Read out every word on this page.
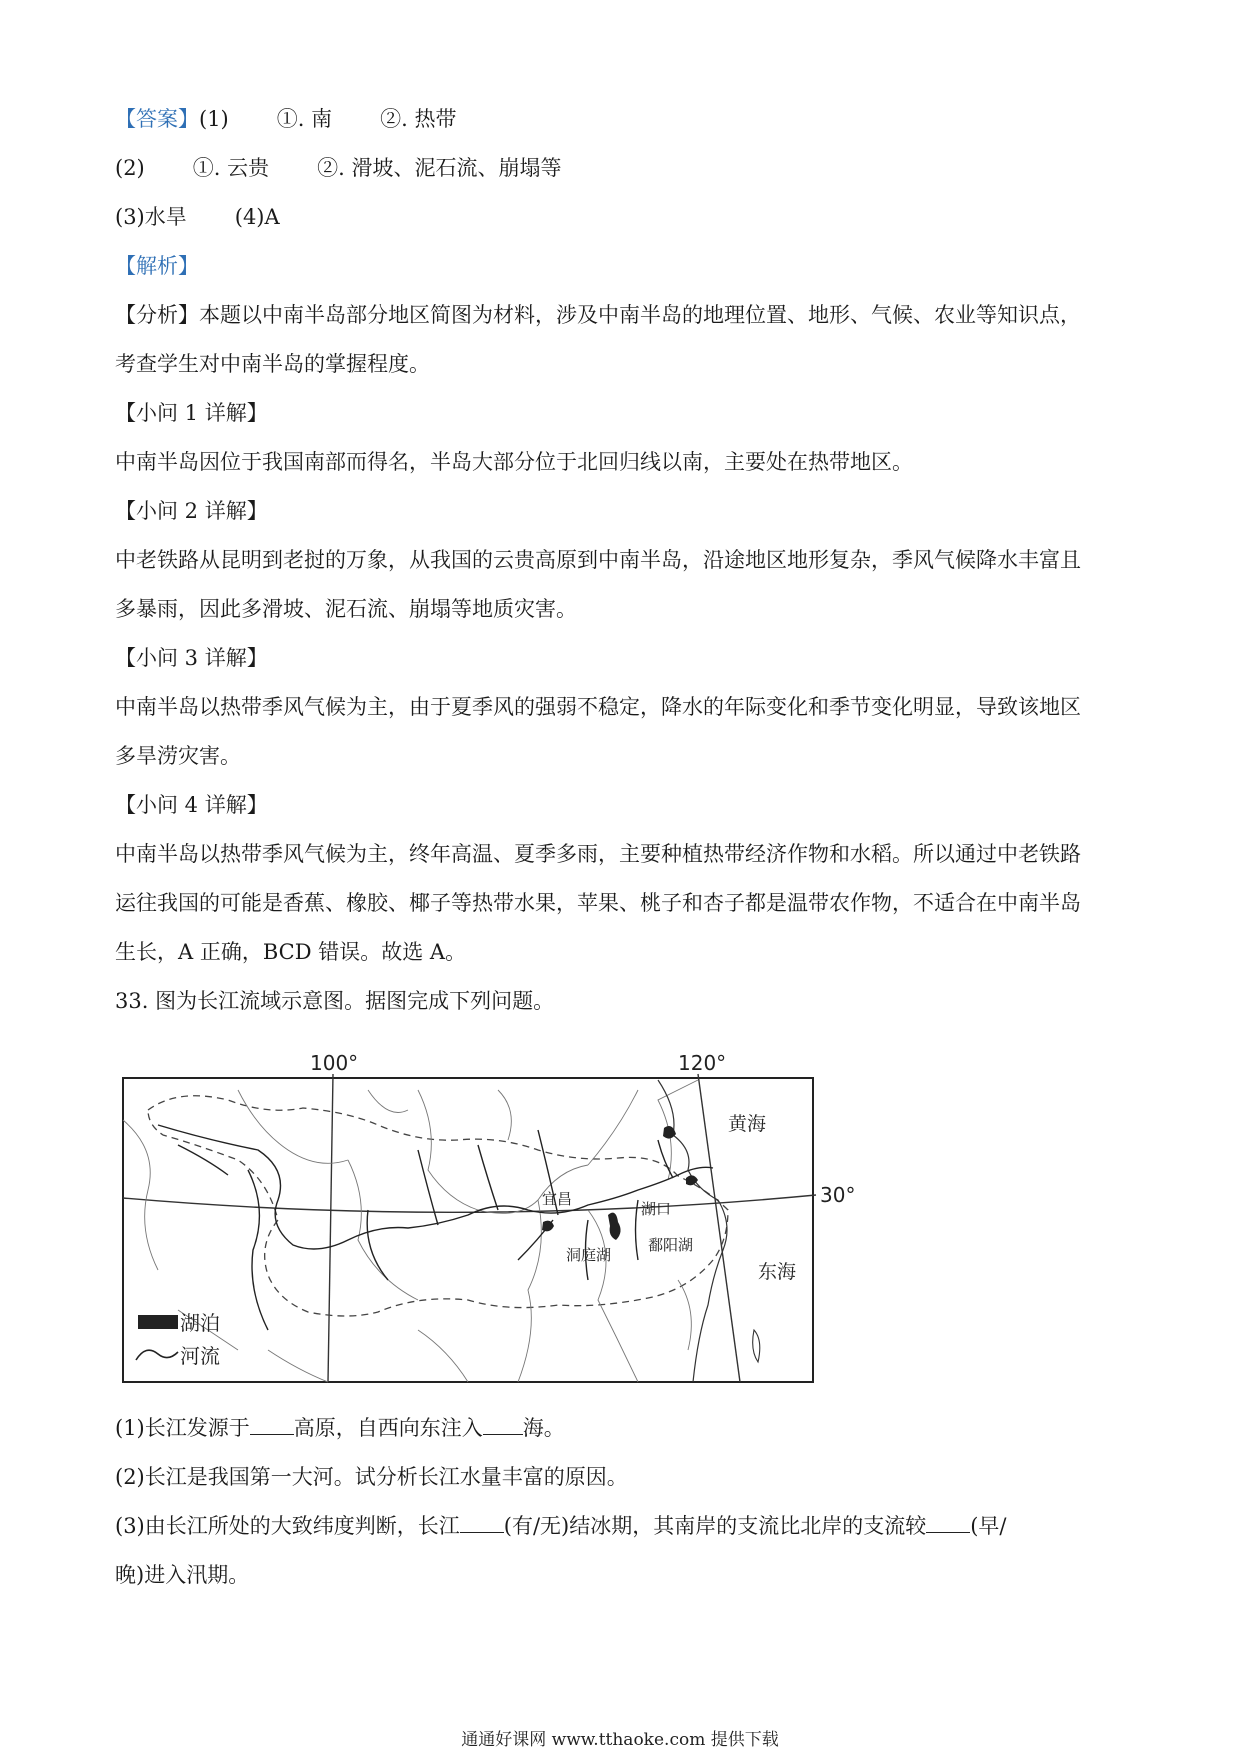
【答案】(1) ①. 南 ②. 热带
(2) ①. 云贵 ②. 滑坡、泥石流、崩塌等
(3)水旱 (4)A
【解析】
【分析】本题以中南半岛部分地区简图为材料，涉及中南半岛的地理位置、地形、气候、农业等知识点，
考查学生对中南半岛的掌握程度。
【小问 1 详解】
中南半岛因位于我国南部而得名，半岛大部分位于北回归线以南，主要处在热带地区。
【小问 2 详解】
中老铁路从昆明到老挝的万象，从我国的云贵高原到中南半岛，沿途地区地形复杂，季风气候降水丰富且
多暴雨，因此多滑坡、泥石流、崩塌等地质灾害。
【小问 3 详解】
中南半岛以热带季风气候为主，由于夏季风的强弱不稳定，降水的年际变化和季节变化明显，导致该地区
多旱涝灾害。
【小问 4 详解】
中南半岛以热带季风气候为主，终年高温、夏季多雨，主要种植热带经济作物和水稻。所以通过中老铁路
运往我国的可能是香蕉、橡胶、椰子等热带水果，苹果、桃子和杏子都是温带农作物，不适合在中南半岛
生长，A 正确，BCD 错误。故选 A。
33. 图为长江流域示意图。据图完成下列问题。
100°	120°
30°
黄海
东海
宜昌
湖口
洞庭湖
鄱阳湖
湖泊
河流
(1)长江发源于 高原，自西向东注入 海。
(2)长江是我国第一大河。试分析长江水量丰富的原因。
(3)由长江所处的大致纬度判断，长江 (有/无)结冰期，其南岸的支流比北岸的支流较 (早/
晚)进入汛期。
通通好课网 www.tthaoke.com 提供下载
